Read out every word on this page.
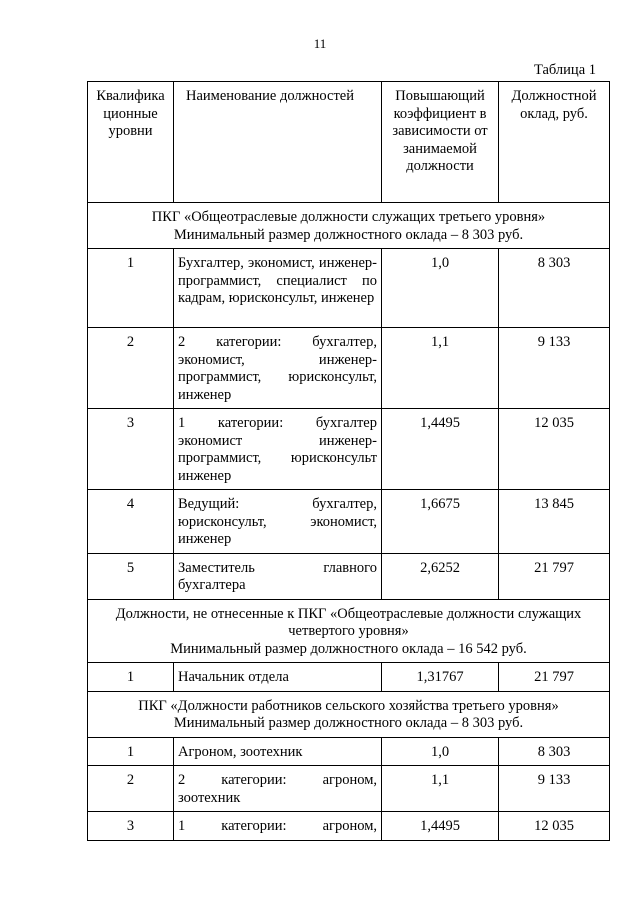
11
Таблица 1
Квалифика ционные уровни	Наименование должностей	Повышающий коэффициент в зависимости от занимаемой должности	Должностной оклад, руб.

ПКГ «Общеотраслевые должности служащих третьего уровня»
Минимальный размер должностного оклада – 8 303 руб.			

1	Бухгалтер, экономист, инженер-программист, специалист по кадрам, юрисконсульт, инженер	1,0	8 303
2	2 категории: бухгалтер, экономист, инженер-программист, юрисконсульт, инженер	1,1	9 133
3	1 категории: бухгалтер экономист инженер-программист, юрисконсульт инженер	1,4495	12 035
4	Ведущий: бухгалтер, юрисконсульт, экономист, инженер	1,6675	13 845
5	Заместитель главного бухгалтера	2,6252	21 797

Должности, не отнесенные к ПКГ «Общеотраслевые должности служащих четвертого уровня»
Минимальный размер должностного оклада – 16 542 руб.			

1	Начальник отдела	1,31767	21 797

ПКГ «Должности работников сельского хозяйства третьего уровня»
Минимальный размер должностного оклада – 8 303 руб.			

1	Агроном, зоотехник	1,0	8 303
2	2 категории: агроном, зоотехник	1,1	9 133
3	1 категории: агроном,	1,4495	12 035
